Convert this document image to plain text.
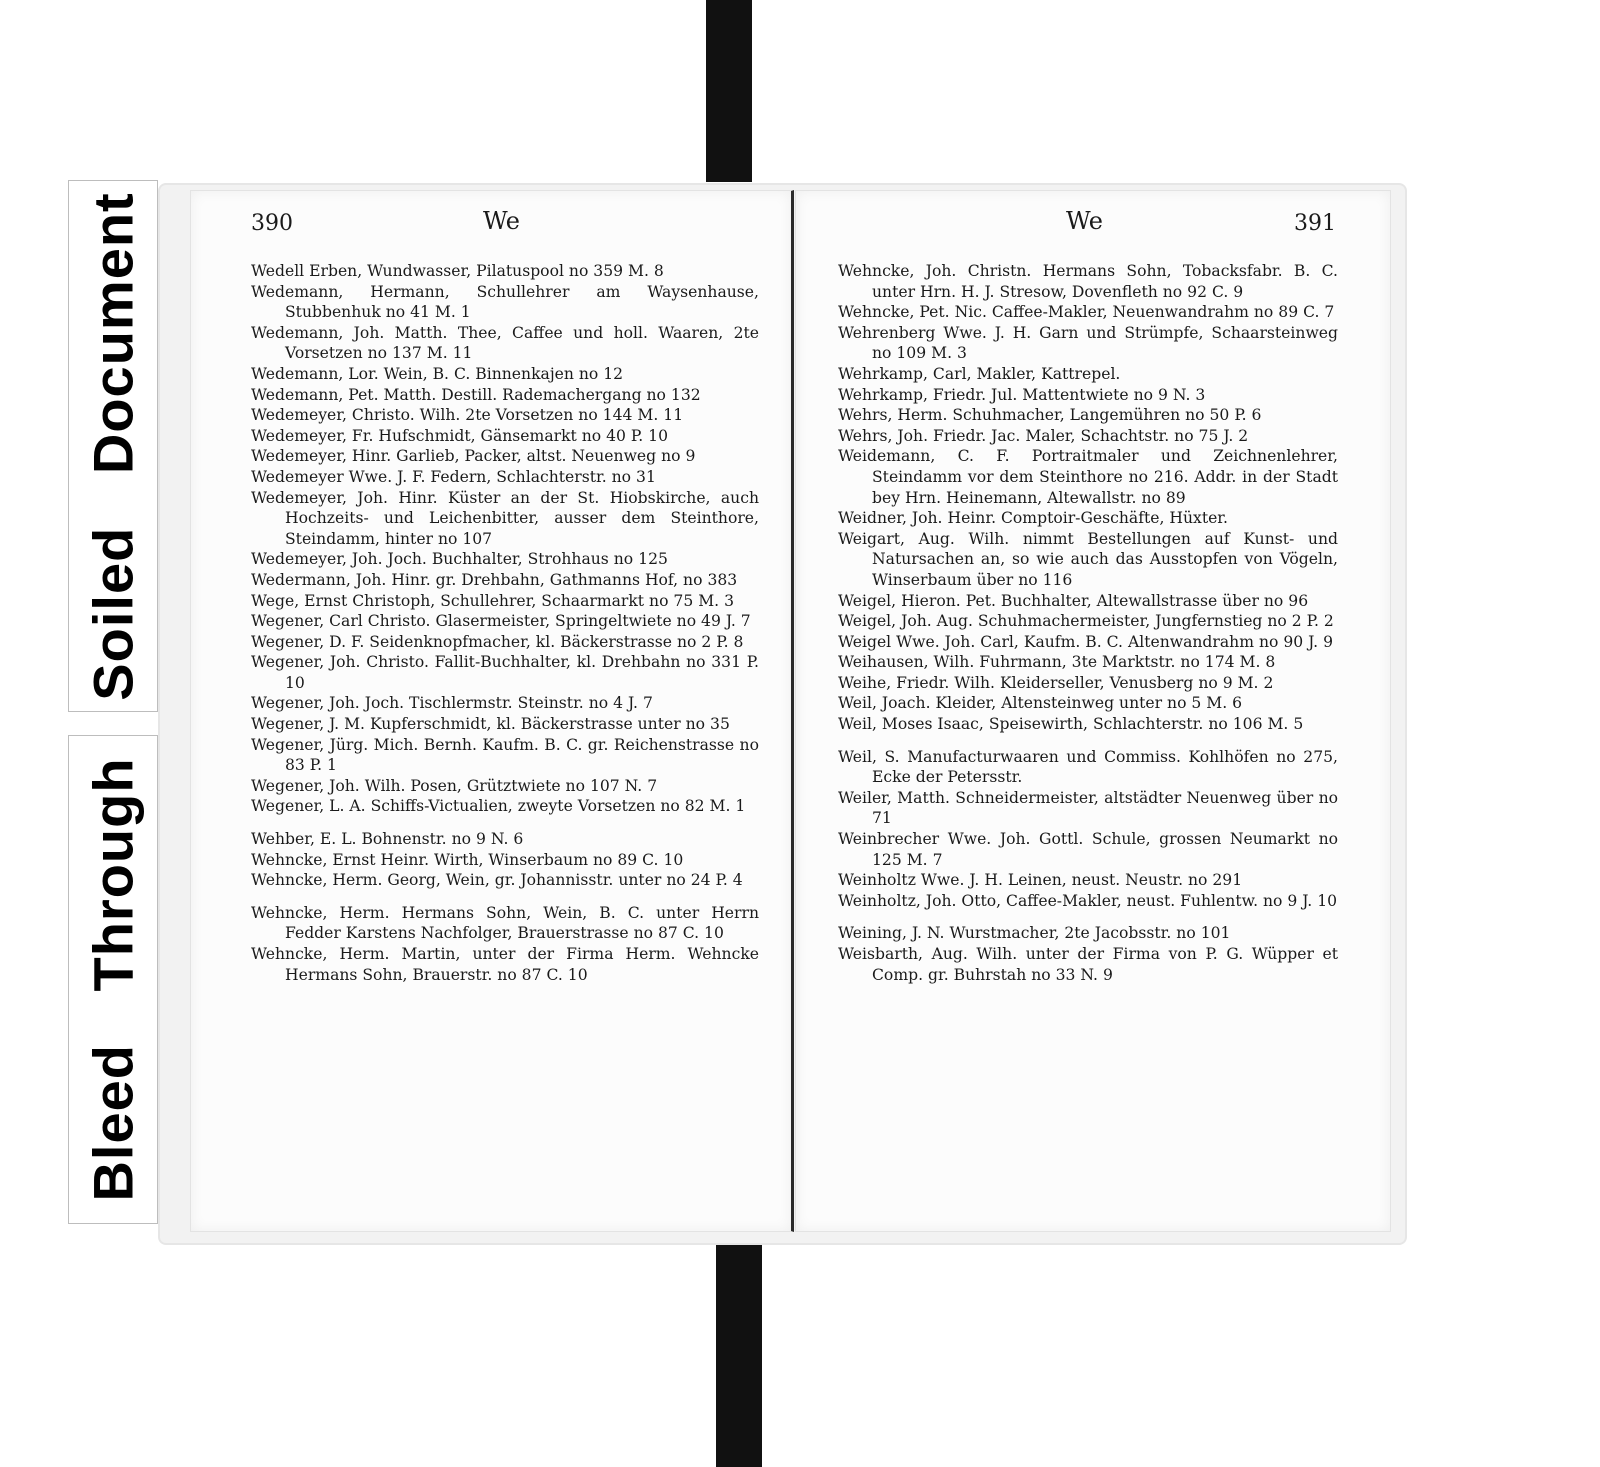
Soiled Document
Bleed Through
390	We

Wedell Erben, Wundwasser, Pilatuspool no 359 M. 8

Wedemann, Hermann, Schullehrer am Waysenhause, Stubbenhuk no 41 M. 1

Wedemann, Joh. Matth. Thee, Caffee und holl. Waaren, 2te Vorsetzen no 137 M. 11

Wedemann, Lor. Wein, B. C. Binnenkajen no 12

Wedemann, Pet. Matth. Destill. Rademachergang no 132

Wedemeyer, Christo. Wilh. 2te Vorsetzen no 144 M. 11

Wedemeyer, Fr. Hufschmidt, Gänsemarkt no 40 P. 10

Wedemeyer, Hinr. Garlieb, Packer, altst. Neuenweg no 9

Wedemeyer Wwe. J. F. Federn, Schlachterstr. no 31

Wedemeyer, Joh. Hinr. Küster an der St. Hiobskirche, auch Hochzeits- und Leichenbitter, ausser dem Steinthore, Steindamm, hinter no 107

Wedemeyer, Joh. Joch. Buchhalter, Strohhaus no 125

Wedermann, Joh. Hinr. gr. Drehbahn, Gathmanns Hof, no 383

Wege, Ernst Christoph, Schullehrer, Schaarmarkt no 75 M. 3

Wegener, Carl Christo. Glasermeister, Springeltwiete no 49 J. 7

Wegener, D. F. Seidenknopfmacher, kl. Bäckerstrasse no 2 P. 8

Wegener, Joh. Christo. Fallit-Buchhalter, kl. Drehbahn no 331 P. 10

Wegener, Joh. Joch. Tischlermstr. Steinstr. no 4 J. 7

Wegener, J. M. Kupferschmidt, kl. Bäckerstrasse unter no 35

Wegener, Jürg. Mich. Bernh. Kaufm. B. C. gr. Reichenstrasse no 83 P. 1

Wegener, Joh. Wilh. Posen, Grütztwiete no 107 N. 7

Wegener, L. A. Schiffs-Victualien, zweyte Vorsetzen no 82 M. 1

Wehber, E. L. Bohnenstr. no 9 N. 6

Wehncke, Ernst Heinr. Wirth, Winserbaum no 89 C. 10

Wehncke, Herm. Georg, Wein, gr. Johannisstr. unter no 24 P. 4

Wehncke, Herm. Hermans Sohn, Wein, B. C. unter Herrn Fedder Karstens Nachfolger, Brauerstrasse no 87 C. 10

Wehncke, Herm. Martin, unter der Firma Herm. Wehncke Hermans Sohn, Brauerstr. no 87 C. 10

We	391

Wehncke, Joh. Christn. Hermans Sohn, Tobacksfabr. B. C. unter Hrn. H. J. Stresow, Dovenfleth no 92 C. 9

Wehncke, Pet. Nic. Caffee-Makler, Neuenwandrahm no 89 C. 7

Wehrenberg Wwe. J. H. Garn und Strümpfe, Schaarsteinweg no 109 M. 3

Wehrkamp, Carl, Makler, Kattrepel.

Wehrkamp, Friedr. Jul. Mattentwiete no 9 N. 3

Wehrs, Herm. Schuhmacher, Langemühren no 50 P. 6

Wehrs, Joh. Friedr. Jac. Maler, Schachtstr. no 75 J. 2

Weidemann, C. F. Portraitmaler und Zeichnenlehrer, Steindamm vor dem Steinthore no 216. Addr. in der Stadt bey Hrn. Heinemann, Altewallstr. no 89

Weidner, Joh. Heinr. Comptoir-Geschäfte, Hüxter.

Weigart, Aug. Wilh. nimmt Bestellungen auf Kunst- und Natursachen an, so wie auch das Ausstopfen von Vögeln, Winserbaum über no 116

Weigel, Hieron. Pet. Buchhalter, Altewallstrasse über no 96

Weigel, Joh. Aug. Schuhmachermeister, Jungfernstieg no 2 P. 2

Weigel Wwe. Joh. Carl, Kaufm. B. C. Altenwandrahm no 90 J. 9

Weihausen, Wilh. Fuhrmann, 3te Marktstr. no 174 M. 8

Weihe, Friedr. Wilh. Kleiderseller, Venusberg no 9 M. 2

Weil, Joach. Kleider, Altensteinweg unter no 5 M. 6

Weil, Moses Isaac, Speisewirth, Schlachterstr. no 106 M. 5

Weil, S. Manufacturwaaren und Commiss. Kohlhöfen no 275, Ecke der Petersstr.

Weiler, Matth. Schneidermeister, altstädter Neuenweg über no 71

Weinbrecher Wwe. Joh. Gottl. Schule, grossen Neumarkt no 125 M. 7

Weinholtz Wwe. J. H. Leinen, neust. Neustr. no 291

Weinholtz, Joh. Otto, Caffee-Makler, neust. Fuhlentw. no 9 J. 10

Weining, J. N. Wurstmacher, 2te Jacobsstr. no 101

Weisbarth, Aug. Wilh. unter der Firma von P. G. Wüpper et Comp. gr. Buhrstah no 33 N. 9
